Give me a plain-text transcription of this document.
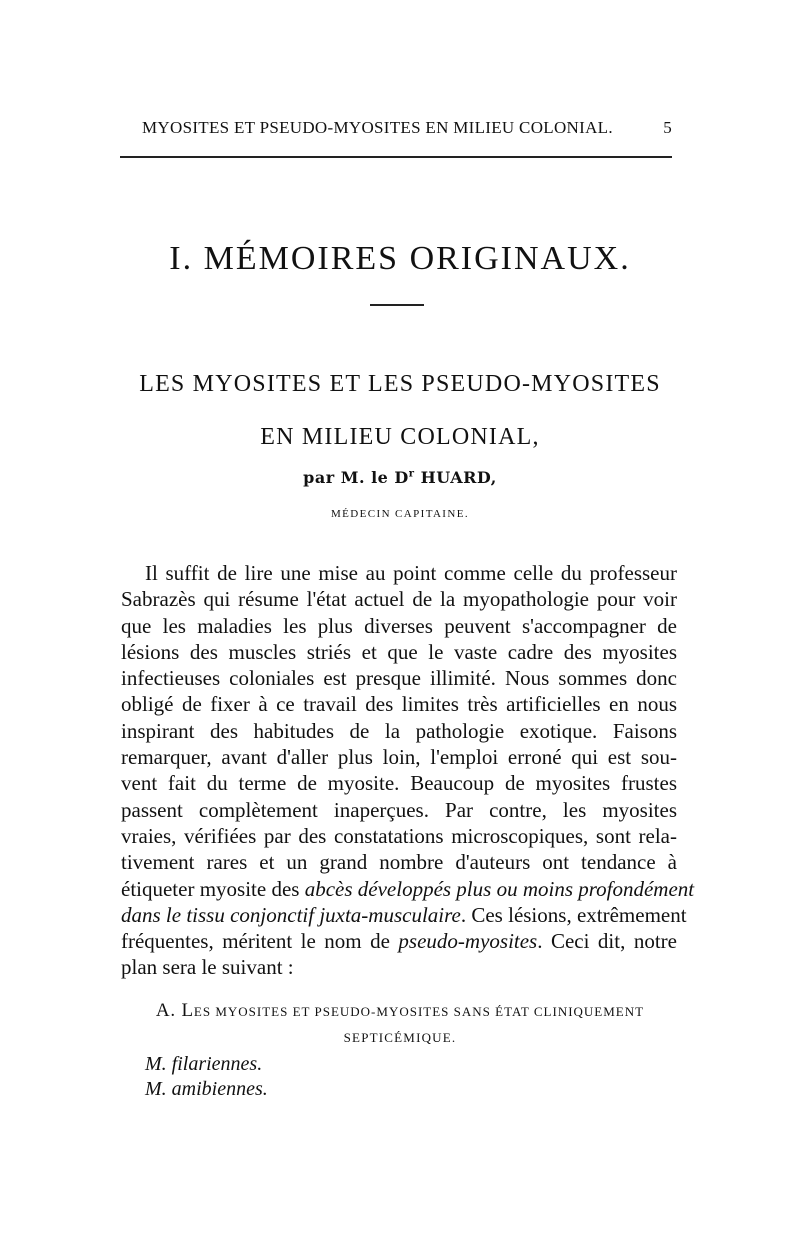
MYOSITES ET PSEUDO-MYOSITES EN MILIEU COLONIAL.	5
I. MÉMOIRES ORIGINAUX.
LES MYOSITES ET LES PSEUDO-MYOSITES
EN MILIEU COLONIAL,
par M. le $D^r$ HUARD,
MÉDECIN CAPITAINE.
Il suffit de lire une mise au point comme celle du professeur
Sabrazès qui résume l'état actuel de la myopathologie pour voir
que les maladies les plus diverses peuvent s'accompagner de
lésions des muscles striés et que le vaste cadre des myosites
infectieuses coloniales est presque illimité. Nous sommes donc
obligé de fixer à ce travail des limites très artificielles en nous
inspirant des habitudes de la pathologie exotique. Faisons
remarquer, avant d'aller plus loin, l'emploi erroné qui est sou-
vent fait du terme de myosite. Beaucoup de myosites frustes
passent complètement inaperçues. Par contre, les myosites
vraies, vérifiées par des constatations microscopiques, sont rela-
tivement rares et un grand nombre d'auteurs ont tendance à
étiqueter myosite des abcès développés plus ou moins profondément
dans le tissu conjonctif juxta-musculaire. Ces lésions, extrêmement
fréquentes, méritent le nom de pseudo-myosites. Ceci dit, notre
plan sera le suivant :
A. LES MYOSITES ET PSEUDO-MYOSITES SANS ÉTAT CLINIQUEMENT
SEPTICÉMIQUE.
M. filariennes.
M. amibiennes.
